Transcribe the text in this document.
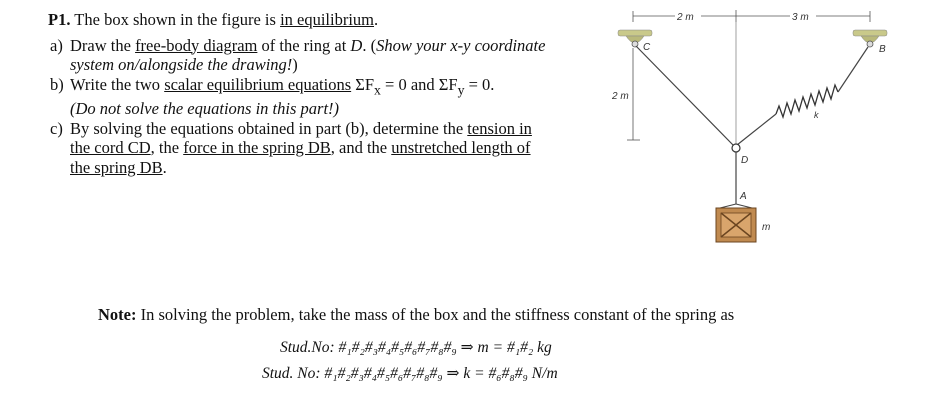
P1. The box shown in the figure is in equilibrium.
a) Draw the free-body diagram of the ring at D. (Show your x-y coordinate
system on/alongside the drawing!)
b) Write the two scalar equilibrium equations $\Sigma F_x = 0$ and $\Sigma F_y = 0$.
(Do not solve the equations in this part!)
c) By solving the equations obtained in part (b), determine the tension in
the cord CD, the force in the spring DB, and the unstretched length of
the spring DB.
2 m	3 m
2 m
C	B
k
D
A
m
Note: In solving the problem, take the mass of the box and the stiffness constant of the spring as
Stud.No: #₁#₂#₃#₄#₅#₆#₇#₈#₉ ⇒ m = #₁#₂ kg
Stud. No: #₁#₂#₃#₄#₅#₆#₇#₈#₉ ⇒ k = #₆#₈#₉ N/m
